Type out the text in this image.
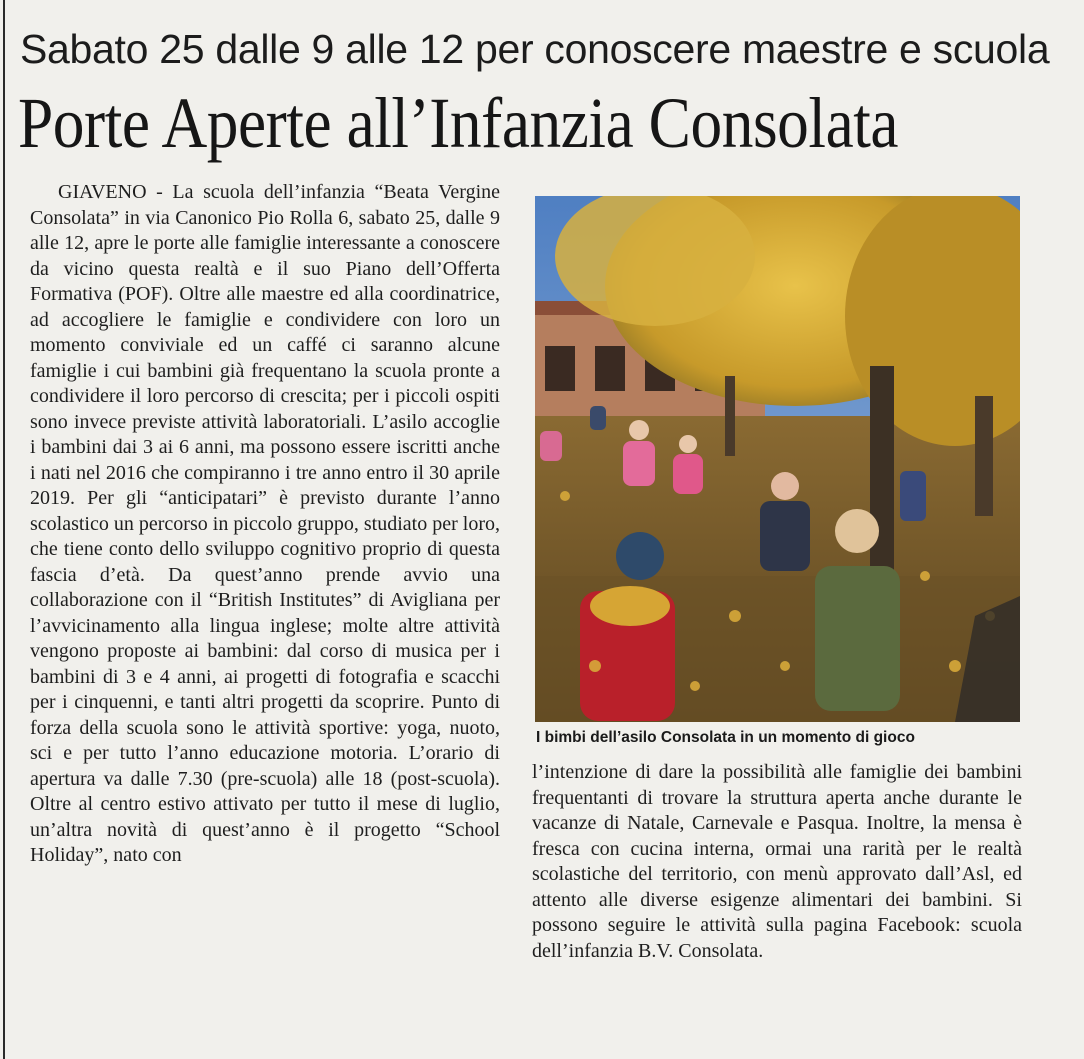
Sabato 25 dalle 9 alle 12 per conoscere maestre e scuola
Porte Aperte all’Infanzia Consolata

GIAVENO - La scuola dell’infanzia “Beata Vergine Consolata” in via Canonico Pio Rolla 6, sabato 25, dalle 9 alle 12, apre le porte alle famiglie interessante a conoscere da vicino questa realtà e il suo Piano dell’Offerta Formativa (POF). Oltre alle maestre ed alla coordinatrice, ad accogliere le famiglie e condividere con loro un momento conviviale ed un caffé ci saranno alcune famiglie i cui bambini già frequentano la scuola pronte a condividere il loro percorso di crescita; per i piccoli ospiti sono invece previste attività laboratoriali. L’asilo accoglie i bambini dai 3 ai 6 anni, ma possono essere iscritti anche i nati nel 2016 che compiranno i tre anno entro il 30 aprile 2019. Per gli “anticipatari” è previsto durante l’anno scolastico un percorso in piccolo gruppo, studiato per loro, che tiene conto dello sviluppo cognitivo proprio di questa fascia d’età. Da quest’anno prende avvio una collaborazione con il “British Institutes” di Avigliana per l’avvicinamento alla lingua inglese; molte altre attività vengono proposte ai bambini: dal corso di musica per i bambini di 3 e 4 anni, ai progetti di fotografia e scacchi per i cinquenni, e tanti altri progetti da scoprire. Punto di forza della scuola sono le attività sportive: yoga, nuoto, sci e per tutto l’anno educazione motoria. L’orario di apertura va dalle 7.30 (pre-scuola) alle 18 (post-scuola). Oltre al centro estivo attivato per tutto il mese di luglio, un’altra novità di quest’anno è il progetto “School Holiday”, nato con

I bimbi dell’asilo Consolata in un momento di gioco

l’intenzione di dare la possibilità alle famiglie dei bambini frequentanti di trovare la struttura aperta anche durante le vacanze di Natale, Carnevale e Pasqua. Inoltre, la mensa è fresca con cucina interna, ormai una rarità per le realtà scolastiche del territorio, con menù approvato dall’Asl, ed attento alle diverse esigenze alimentari dei bambini. Si possono seguire le attività sulla pagina Facebook: scuola dell’infanzia B.V. Consolata.
